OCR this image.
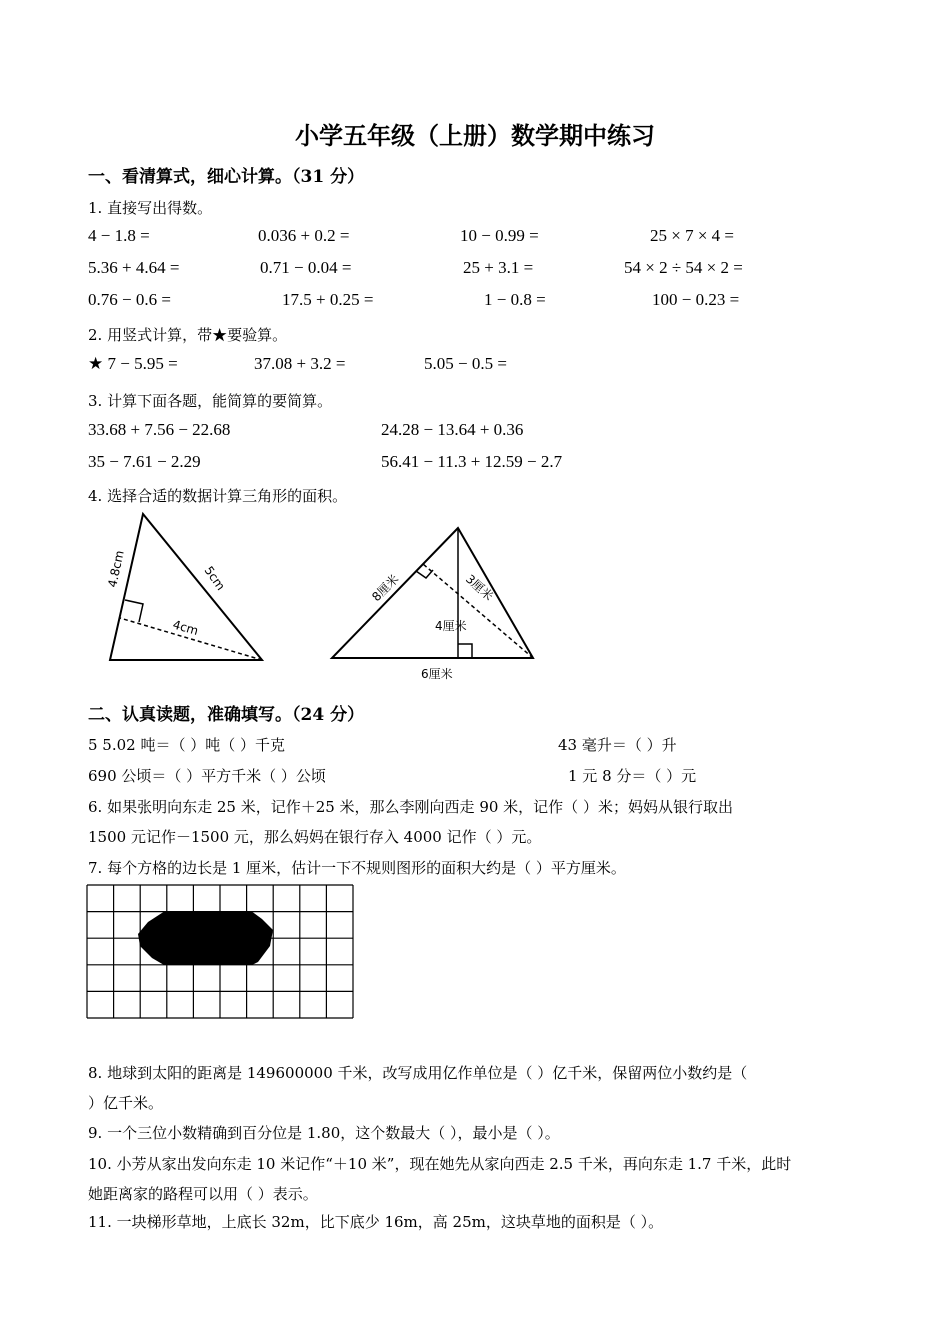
小学五年级（上册）数学期中练习
一、看清算式，细心计算。（31 分）
1. 直接写出得数。
4 − 1.8 =	0.036 + 0.2 =	10 − 0.99 =	25 × 7 × 4 =
5.36 + 4.64 =	0.71 − 0.04 =	25 + 3.1 =	54 × 2 ÷ 54 × 2 =
0.76 − 0.6 =	17.5 + 0.25 =	1 − 0.8 =	100 − 0.23 =
2. 用竖式计算，带★要验算。
★ 7 − 5.95 =	37.08 + 3.2 =	5.05 − 0.5 =
3. 计算下面各题，能简算的要简算。
33.68 + 7.56 − 22.68	24.28 − 13.64 + 0.36
35 − 7.61 − 2.29	56.41 − 11.3 + 12.59 − 2.7
4. 选择合适的数据计算三角形的面积。
4.8cm	5cm
4cm
8厘米	3厘米
4厘米
6厘米
二、认真读题，准确填写。（24 分）
5 5.02 吨＝（ ）吨（ ）千克	43 毫升＝（ ）升
690 公顷＝（ ）平方千米（ ）公顷	1 元 8 分＝（ ）元
6. 如果张明向东走 25 米，记作＋25 米，那么李刚向西走 90 米，记作（ ）米；妈妈从银行取出
1500 元记作－1500 元，那么妈妈在银行存入 4000 记作（ ）元。
7. 每个方格的边长是 1 厘米，估计一下不规则图形的面积大约是（ ）平方厘米。
8. 地球到太阳的距离是 149600000 千米，改写成用亿作单位是（ ）亿千米，保留两位小数约是（
）亿千米。
9. 一个三位小数精确到百分位是 1.80，这个数最大（ ），最小是（ ）。
10. 小芳从家出发向东走 10 米记作“＋10 米”，现在她先从家向西走 2.5 千米，再向东走 1.7 千米，此时
她距离家的路程可以用（ ）表示。
11. 一块梯形草地，上底长 32m，比下底少 16m，高 25m，这块草地的面积是（ ）。
